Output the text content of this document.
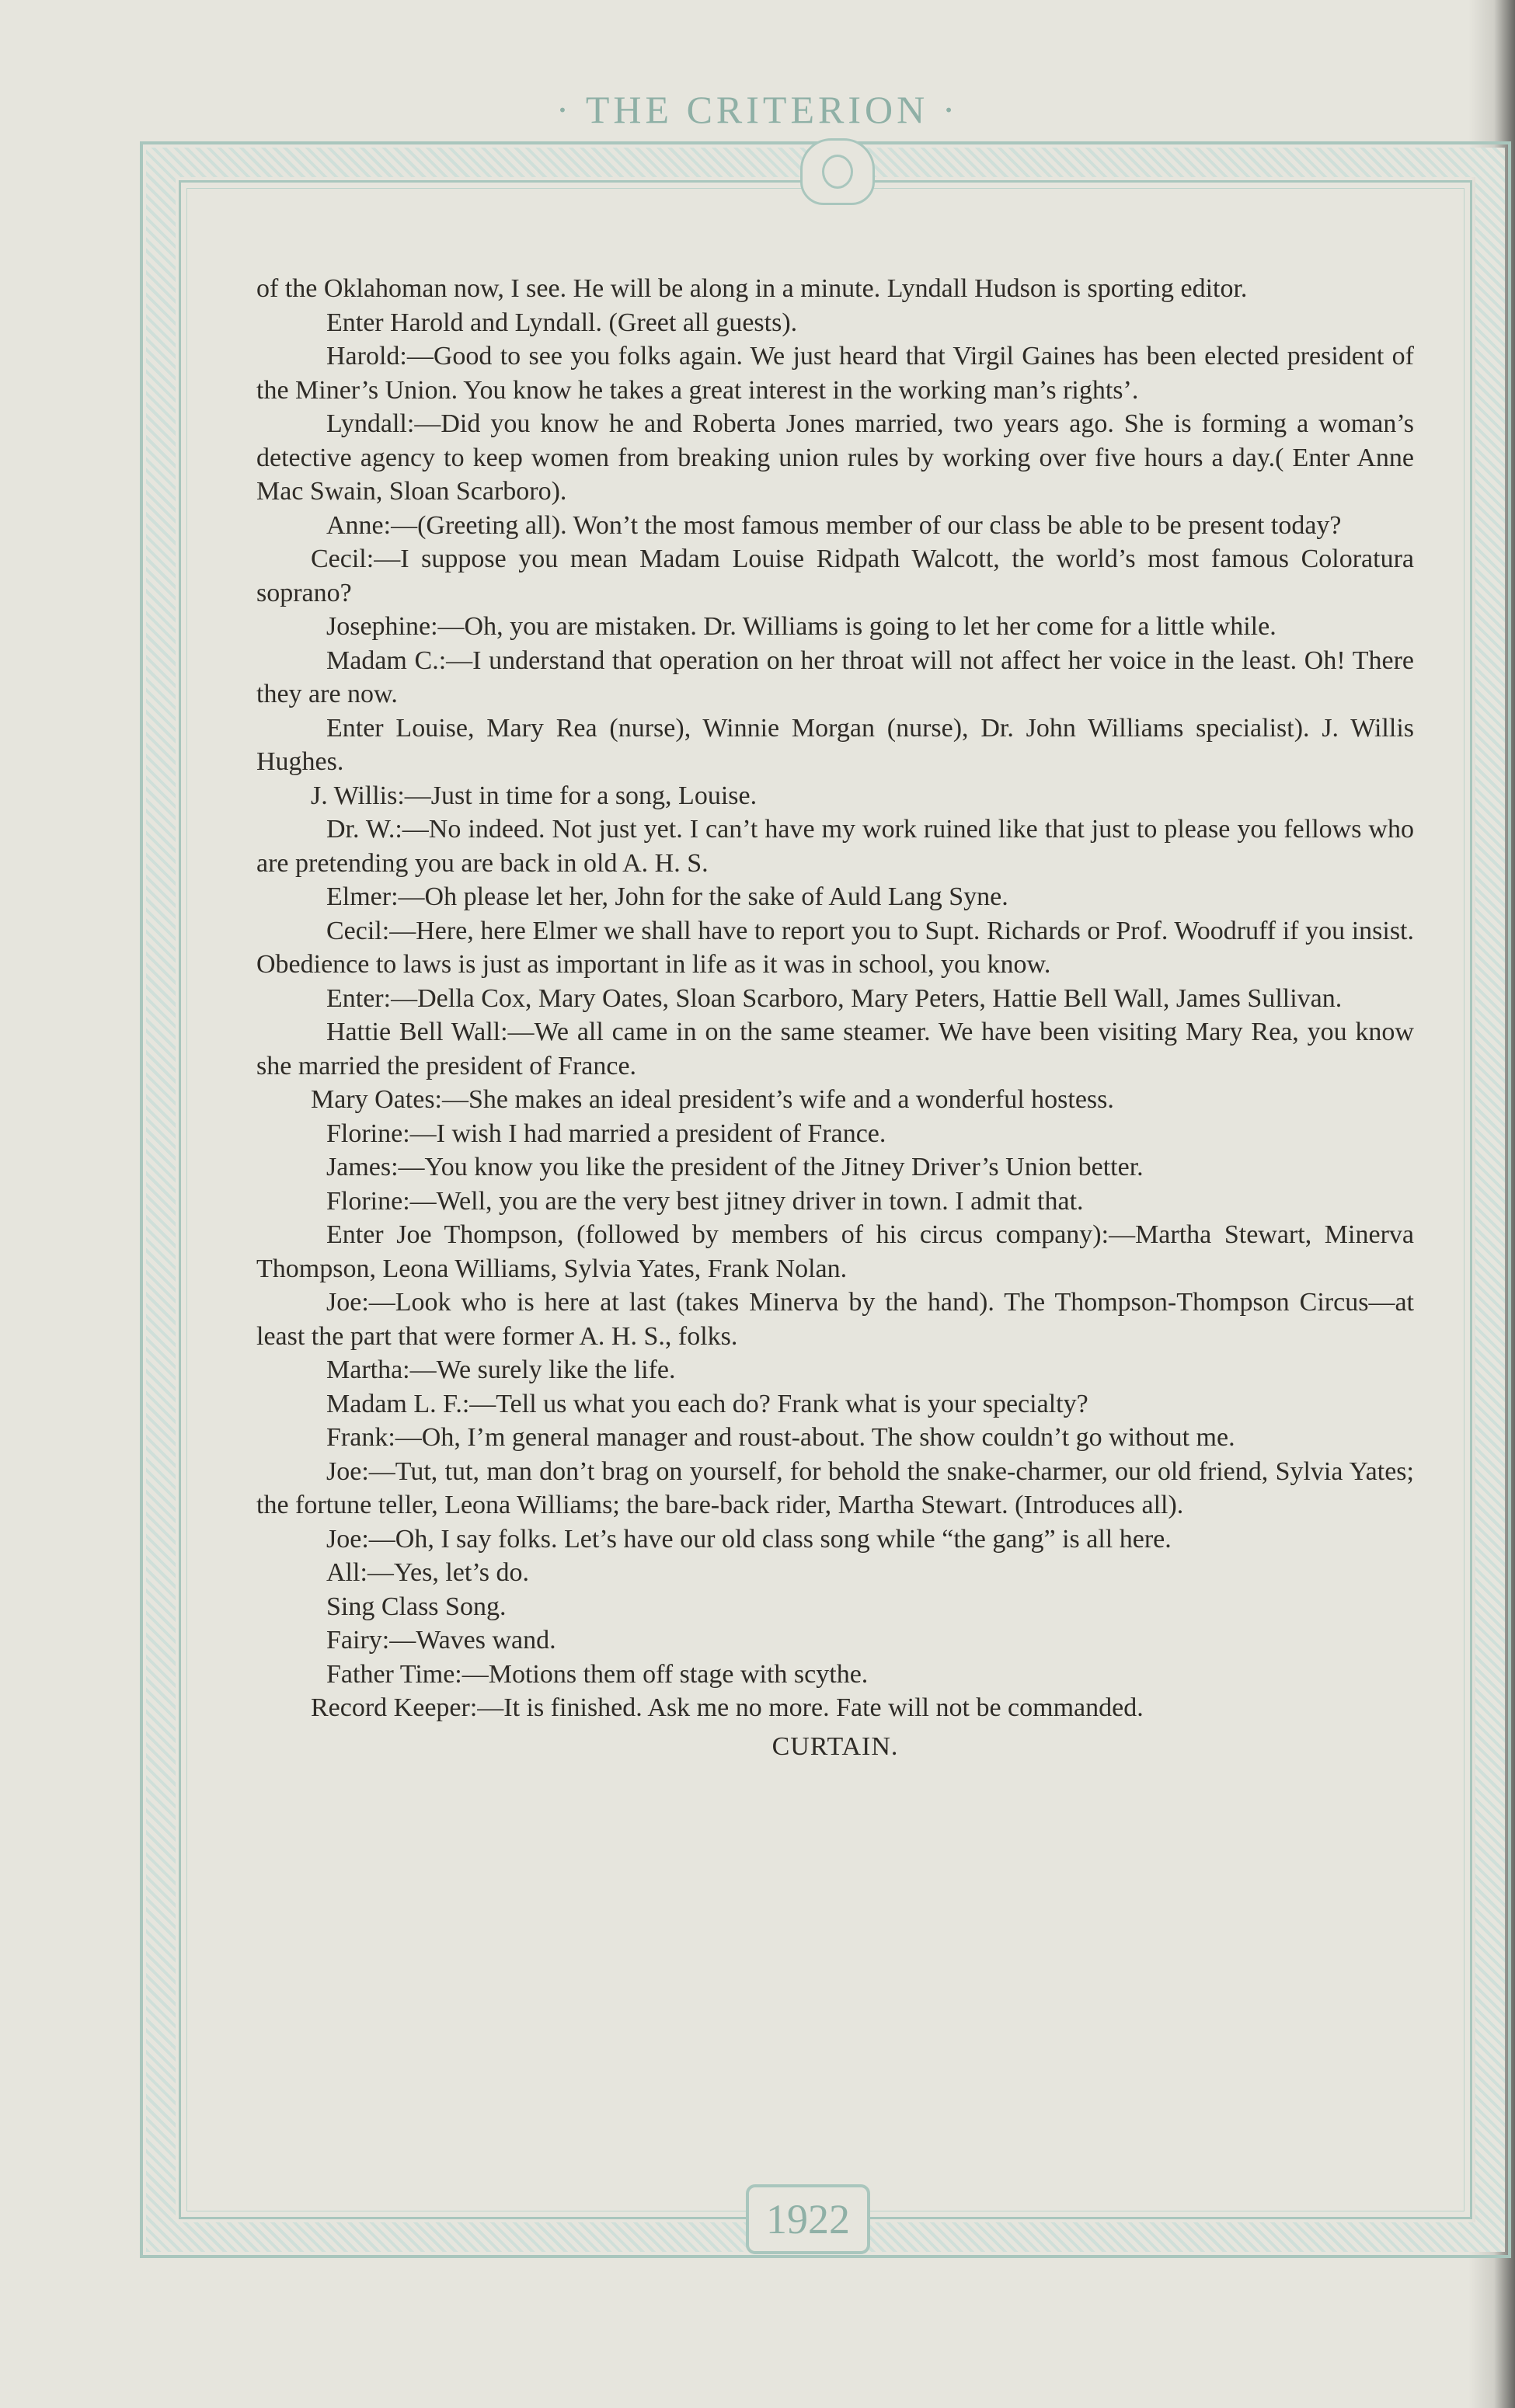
· THE CRITERION ·

of the Oklahoman now, I see. He will be along in a minute. Lyndall Hudson is sporting editor.

Enter Harold and Lyndall. (Greet all guests).

Harold:—Good to see you folks again. We just heard that Virgil Gaines has been elected president of the Miner’s Union. You know he takes a great interest in the working man’s rights’.

Lyndall:—Did you know he and Roberta Jones married, two years ago. She is forming a woman’s detective agency to keep women from breaking union rules by working over five hours a day.( Enter Anne Mac Swain, Sloan Scarboro).

Anne:—(Greeting all). Won’t the most famous member of our class be able to be present today?

Cecil:—I suppose you mean Madam Louise Ridpath Walcott, the world’s most famous Coloratura soprano?

Josephine:—Oh, you are mistaken. Dr. Williams is going to let her come for a little while.

Madam C.:—I understand that operation on her throat will not affect her voice in the least. Oh! There they are now.

Enter Louise, Mary Rea (nurse), Winnie Morgan (nurse), Dr. John Williams specialist). J. Willis Hughes.

J. Willis:—Just in time for a song, Louise.

Dr. W.:—No indeed. Not just yet. I can’t have my work ruined like that just to please you fellows who are pretending you are back in old A. H. S.

Elmer:—Oh please let her, John for the sake of Auld Lang Syne.

Cecil:—Here, here Elmer we shall have to report you to Supt. Richards or Prof. Woodruff if you insist. Obedience to laws is just as important in life as it was in school, you know.

Enter:—Della Cox, Mary Oates, Sloan Scarboro, Mary Peters, Hattie Bell Wall, James Sullivan.

Hattie Bell Wall:—We all came in on the same steamer. We have been visiting Mary Rea, you know she married the president of France.

Mary Oates:—She makes an ideal president’s wife and a wonderful hostess.

Florine:—I wish I had married a president of France.

James:—You know you like the president of the Jitney Driver’s Union better.

Florine:—Well, you are the very best jitney driver in town. I admit that.

Enter Joe Thompson, (followed by members of his circus company):—Martha Stewart, Minerva Thompson, Leona Williams, Sylvia Yates, Frank Nolan.

Joe:—Look who is here at last (takes Minerva by the hand). The Thompson-Thompson Circus—at least the part that were former A. H. S., folks.

Martha:—We surely like the life.

Madam L. F.:—Tell us what you each do? Frank what is your specialty?

Frank:—Oh, I’m general manager and roust-about. The show couldn’t go without me.

Joe:—Tut, tut, man don’t brag on yourself, for behold the snake-charmer, our old friend, Sylvia Yates; the fortune teller, Leona Williams; the bare-back rider, Martha Stewart. (Introduces all).

Joe:—Oh, I say folks. Let’s have our old class song while “the gang” is all here.

All:—Yes, let’s do.

Sing Class Song.

Fairy:—Waves wand.

Father Time:—Motions them off stage with scythe.

Record Keeper:—It is finished. Ask me no more. Fate will not be commanded.

CURTAIN.

1922
